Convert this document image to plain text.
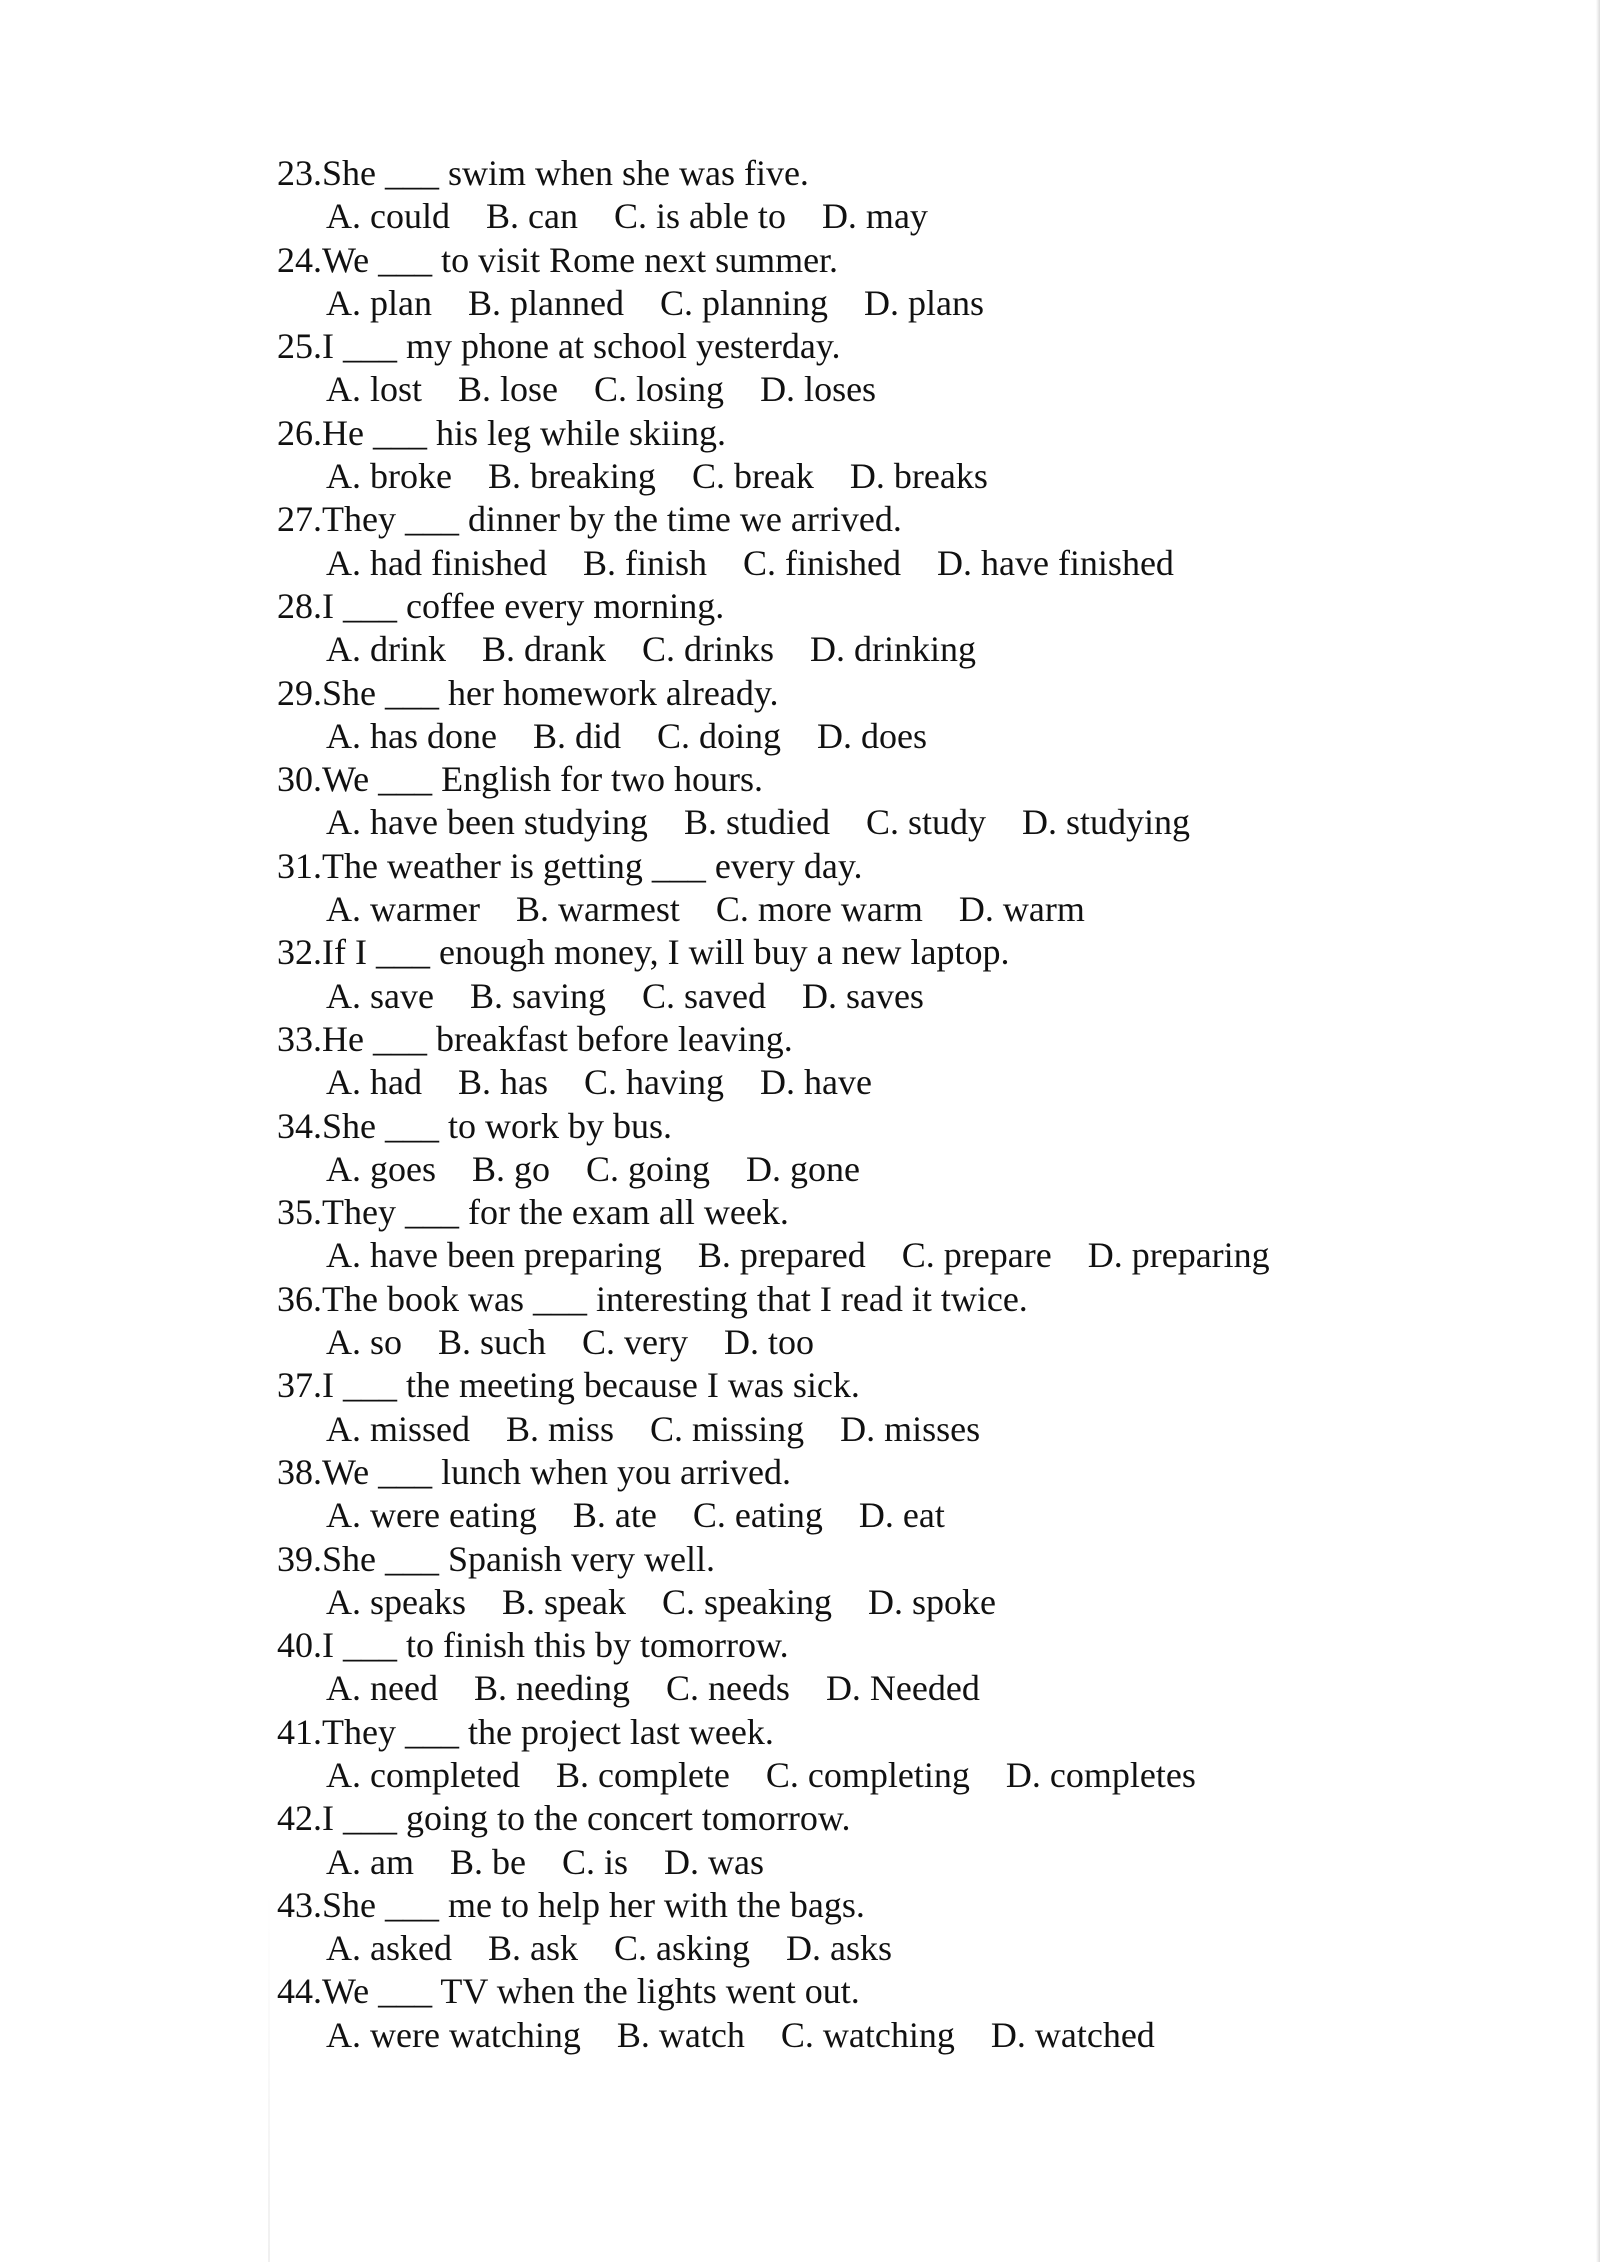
23.She ___ swim when she was five.
A. could B. can C. is able to D. may
24.We ___ to visit Rome next summer.
A. plan B. planned C. planning D. plans
25.I ___ my phone at school yesterday.
A. lost B. lose C. losing D. loses
26.He ___ his leg while skiing.
A. broke B. breaking C. break D. breaks
27.They ___ dinner by the time we arrived.
A. had finished B. finish C. finished D. have finished
28.I ___ coffee every morning.
A. drink B. drank C. drinks D. drinking
29.She ___ her homework already.
A. has done B. did C. doing D. does
30.We ___ English for two hours.
A. have been studying B. studied C. study D. studying
31.The weather is getting ___ every day.
A. warmer B. warmest C. more warm D. warm
32.If I ___ enough money, I will buy a new laptop.
A. save B. saving C. saved D. saves
33.He ___ breakfast before leaving.
A. had B. has C. having D. have
34.She ___ to work by bus.
A. goes B. go C. going D. gone
35.They ___ for the exam all week.
A. have been preparing B. prepared C. prepare D. preparing
36.The book was ___ interesting that I read it twice.
A. so B. such C. very D. too
37.I ___ the meeting because I was sick.
A. missed B. miss C. missing D. misses
38.We ___ lunch when you arrived.
A. were eating B. ate C. eating D. eat
39.She ___ Spanish very well.
A. speaks B. speak C. speaking D. spoke
40.I ___ to finish this by tomorrow.
A. need B. needing C. needs D. Needed
41.They ___ the project last week.
A. completed B. complete C. completing D. completes
42.I ___ going to the concert tomorrow.
A. am B. be C. is D. was
43.She ___ me to help her with the bags.
A. asked B. ask C. asking D. asks
44.We ___ TV when the lights went out.
A. were watching B. watch C. watching D. watched
